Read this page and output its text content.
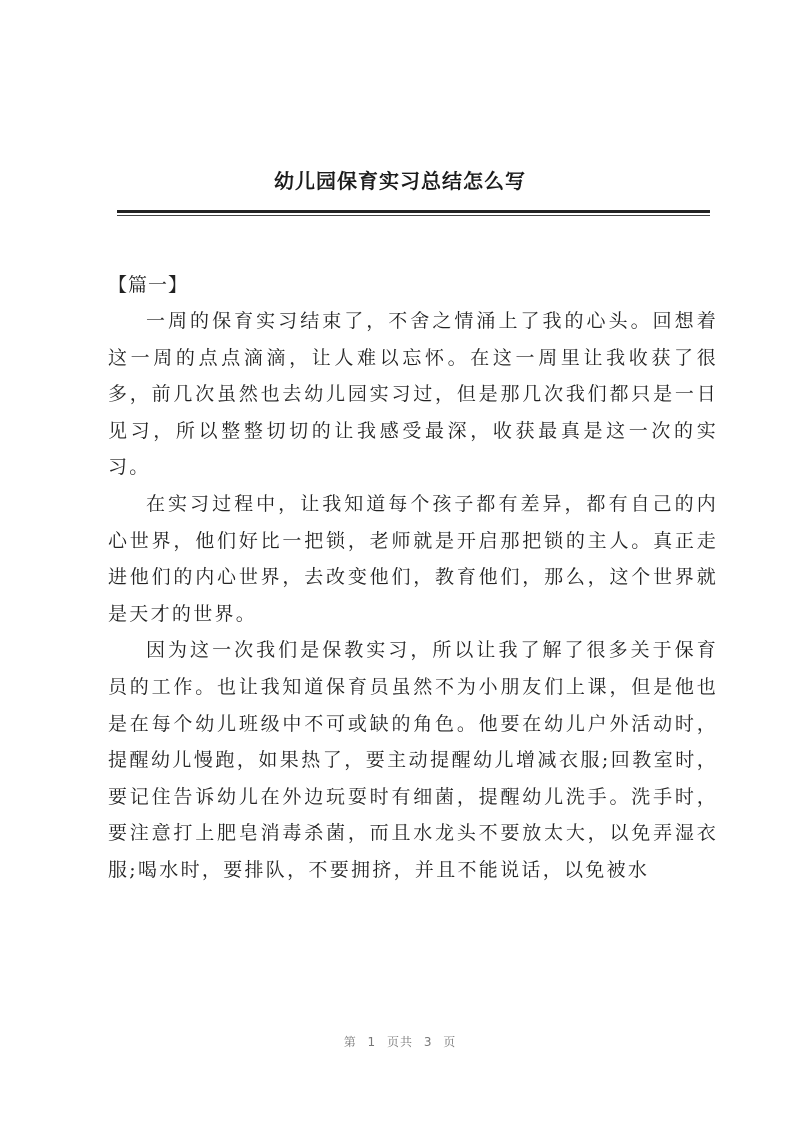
幼儿园保育实习总结怎么写
【篇一】

一周的保育实习结束了，不舍之情涌上了我的心头。回想着这一周的点点滴滴，让人难以忘怀。在这一周里让我收获了很多，前几次虽然也去幼儿园实习过，但是那几次我们都只是一日见习，所以整整切切的让我感受最深，收获最真是这一次的实习。

在实习过程中，让我知道每个孩子都有差异，都有自己的内心世界，他们好比一把锁，老师就是开启那把锁的主人。真正走进他们的内心世界，去改变他们，教育他们，那么，这个世界就是天才的世界。

因为这一次我们是保教实习，所以让我了解了很多关于保育员的工作。也让我知道保育员虽然不为小朋友们上课，但是他也是在每个幼儿班级中不可或缺的角色。他要在幼儿户外活动时，提醒幼儿慢跑，如果热了，要主动提醒幼儿增减衣服;回教室时，要记住告诉幼儿在外边玩耍时有细菌，提醒幼儿洗手。洗手时，要注意打上肥皂消毒杀菌，而且水龙头不要放太大，以免弄湿衣服;喝水时，要排队，不要拥挤，并且不能说话，以免被水

第 1 页共 3 页
